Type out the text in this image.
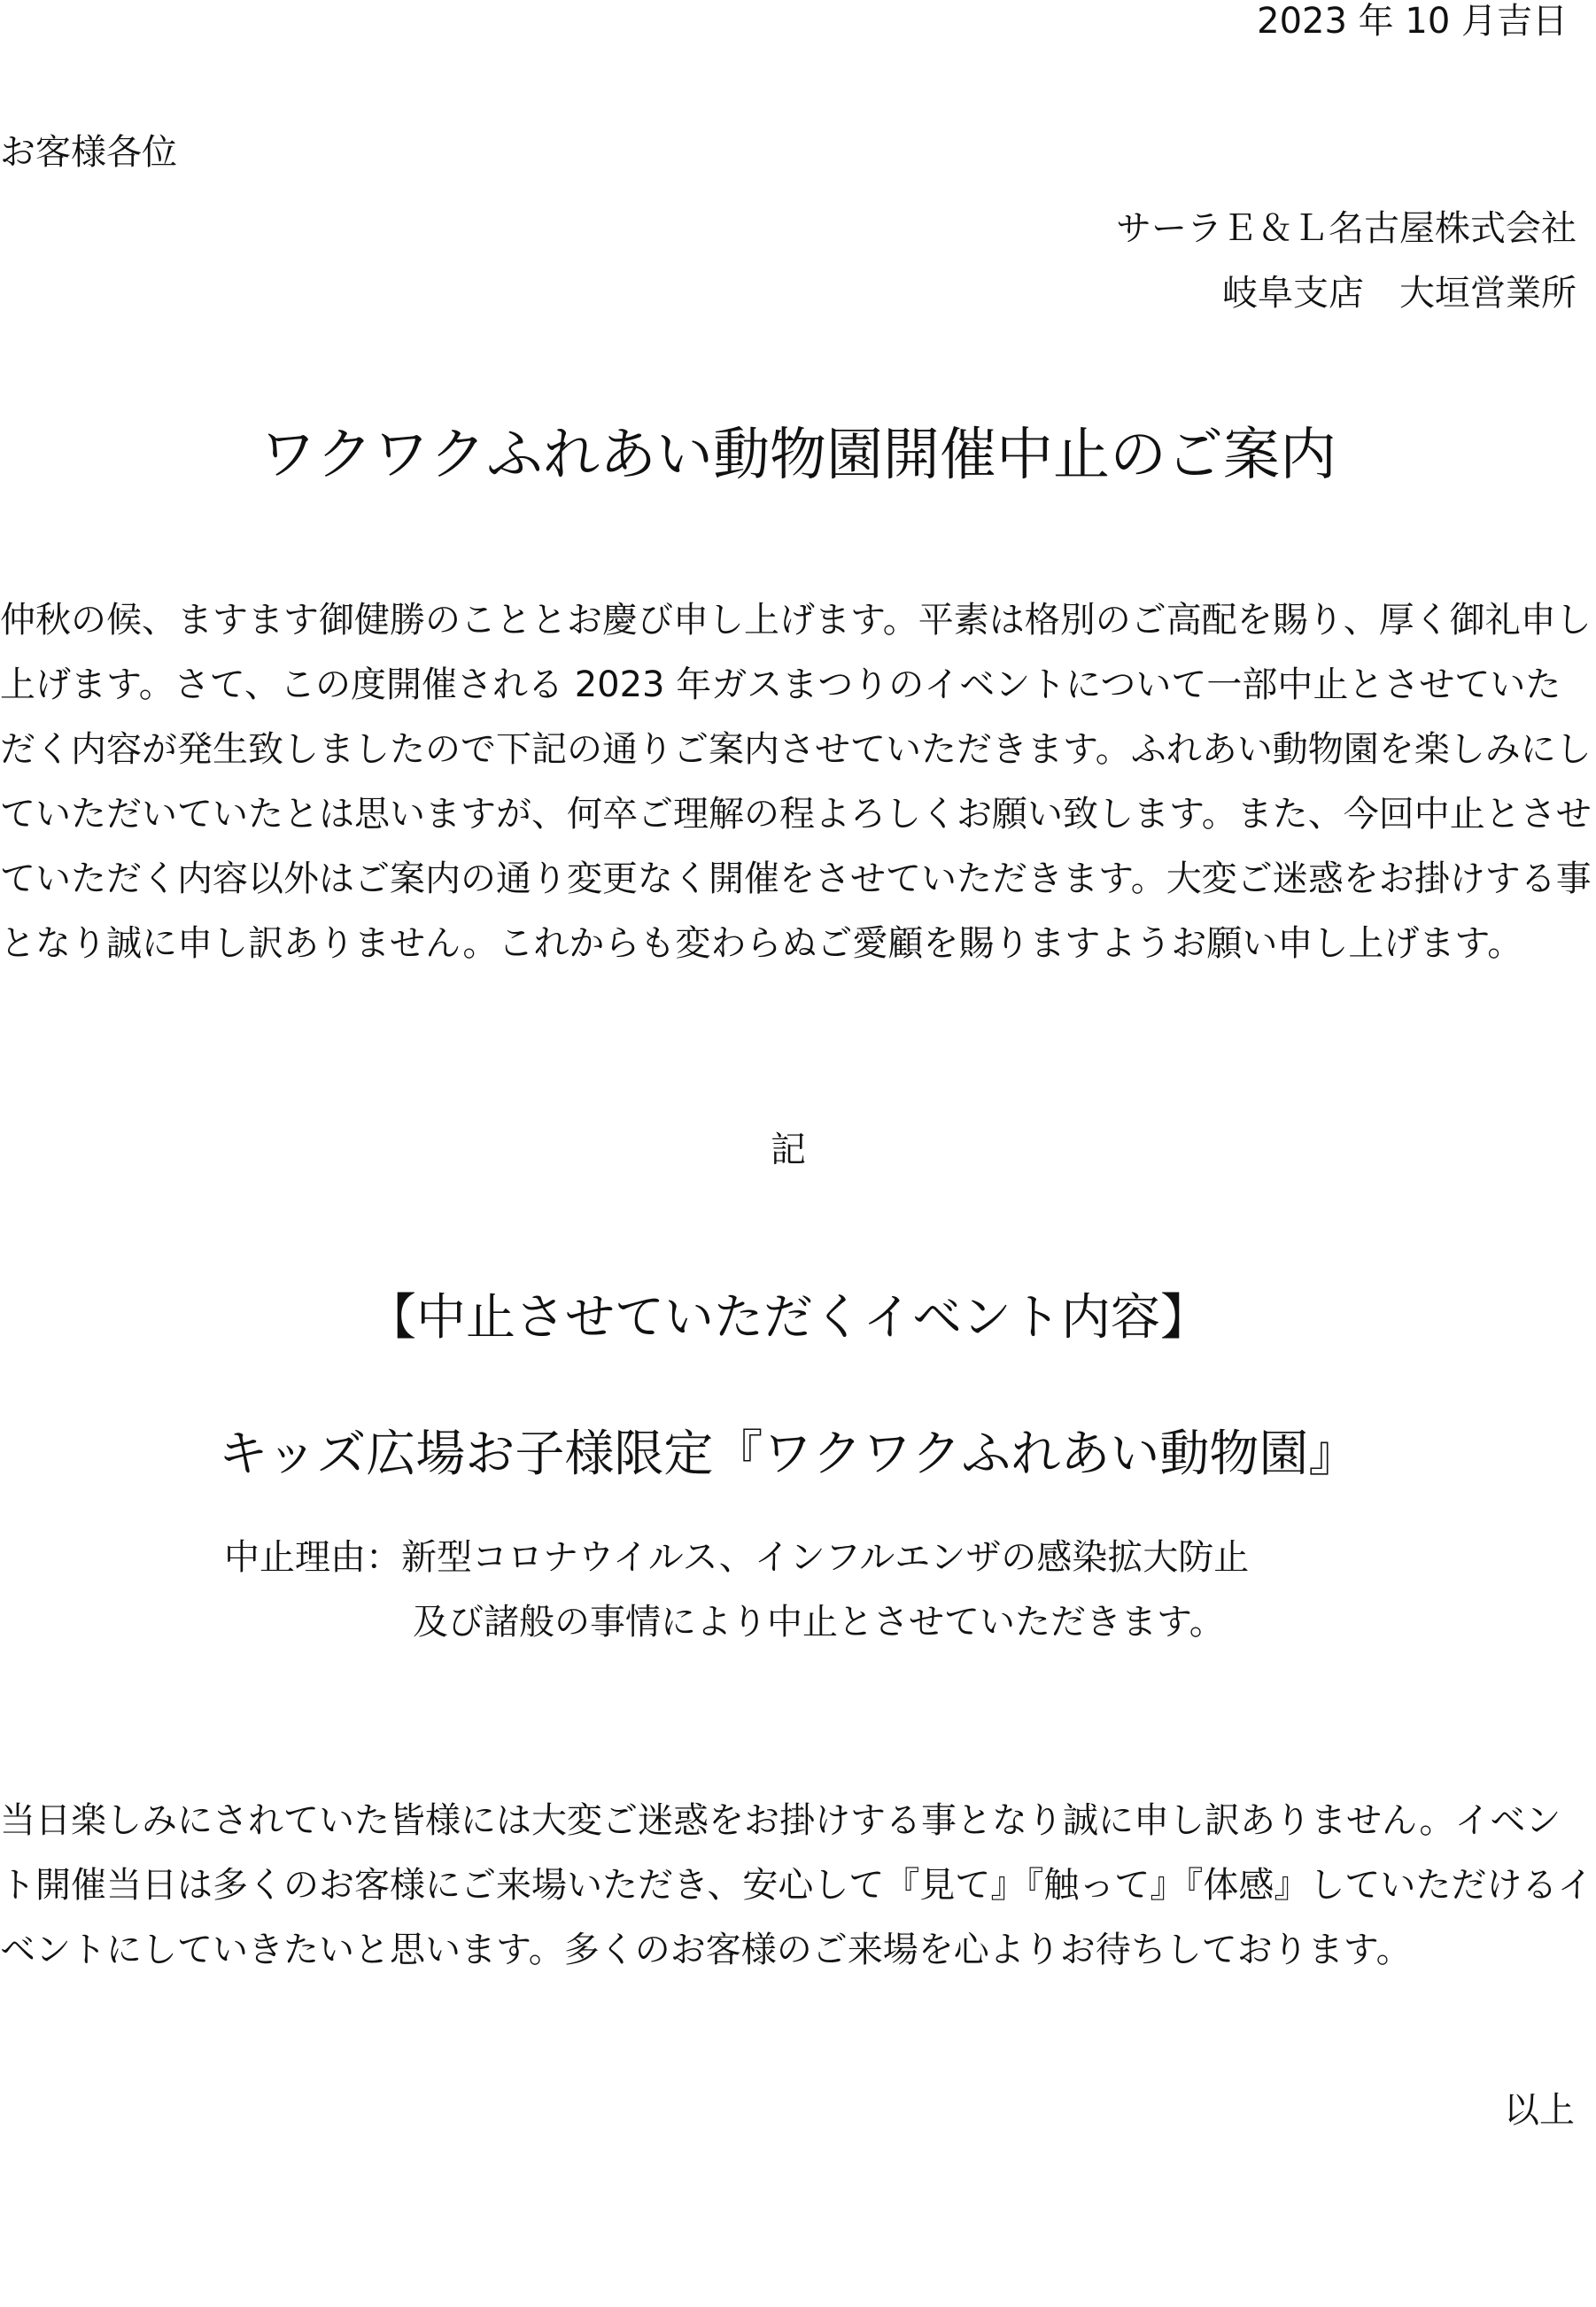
2023 年 10 月吉日
お客様各位
サーラＥ＆Ｌ名古屋株式会社
岐阜支店　大垣営業所
ワクワクふれあい動物園開催中止のご案内
仲秋の候、ますます御健勝のこととお慶び申し上げます。平素は格別のご高配を賜り、厚く御礼申し上げます。さて、この度開催される 2023 年ガスまつりのイベントについて一部中止とさせていただく内容が発生致しましたので下記の通りご案内させていただきます。ふれあい動物園を楽しみにしていただいていたとは思いますが、何卒ご理解の程よろしくお願い致します。また、今回中止とさせていただく内容以外はご案内の通り変更なく開催をさせていただきます。大変ご迷惑をお掛けする事となり誠に申し訳ありません。これからも変わらぬご愛顧を賜りますようお願い申し上げます。
記
【中止させていただくイベント内容】
キッズ広場お子様限定『ワクワクふれあい動物園』
中止理由：新型コロナウイルス、インフルエンザの感染拡大防止
及び諸般の事情により中止とさせていただきます。
当日楽しみにされていた皆様には大変ご迷惑をお掛けする事となり誠に申し訳ありません。イベント開催当日は多くのお客様にご来場いただき、安心して『見て』『触って』『体感』していただけるイベントにしていきたいと思います。多くのお客様のご来場を心よりお待ちしております。
以上
